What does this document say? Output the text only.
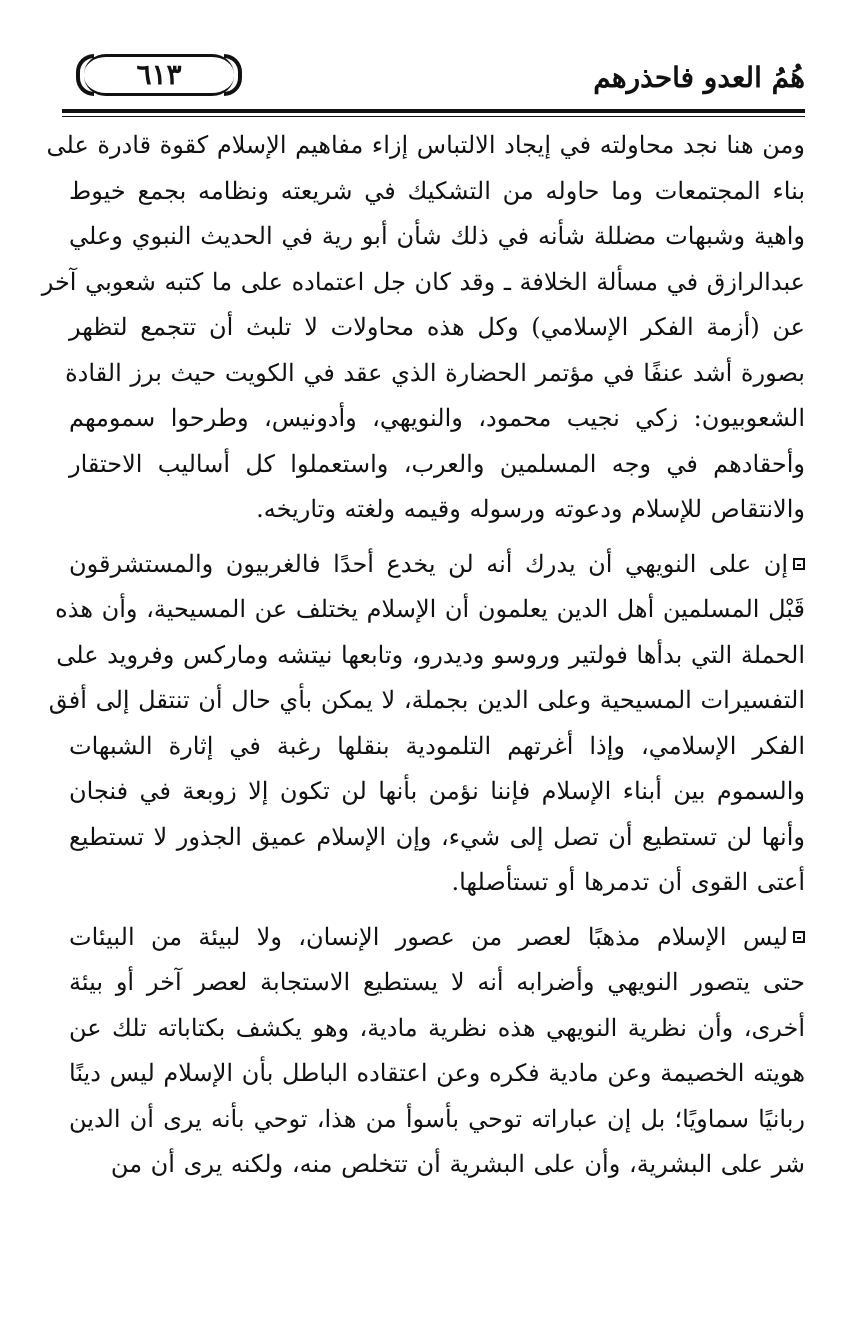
هُمُ العدو فاحذرهم
٦١٣

ومن هنا نجد محاولته في إيجاد الالتباس إزاء مفاهيم الإسلام كقوة قادرة على
بناء المجتمعات وما حاوله من التشكيك في شريعته ونظامه بجمع خيوط
واهية وشبهات مضللة شأنه في ذلك شأن أبو رية في الحديث النبوي وعلي
عبدالرازق في مسألة الخلافة ـ وقد كان جل اعتماده على ما كتبه شعوبي آخر
عن (أزمة الفكر الإسلامي) وكل هذه محاولات لا تلبث أن تتجمع لتظهر
بصورة أشد عنفًا في مؤتمر الحضارة الذي عقد في الكويت حيث برز القادة
الشعوبيون: زكي نجيب محمود، والنويهي، وأدونيس، وطرحوا سمومهم
وأحقادهم في وجه المسلمين والعرب، واستعملوا كل أساليب الاحتقار
والانتقاص للإسلام ودعوته ورسوله وقيمه ولغته وتاريخه.

إن على النويهي أن يدرك أنه لن يخدع أحدًا فالغربيون والمستشرقون
قَبْل المسلمين أهل الدين يعلمون أن الإسلام يختلف عن المسيحية، وأن هذه
الحملة التي بدأها فولتير وروسو وديدرو، وتابعها نيتشه وماركس وفرويد على
التفسيرات المسيحية وعلى الدين بجملة، لا يمكن بأي حال أن تنتقل إلى أفق
الفكر الإسلامي، وإذا أغرتهم التلمودية بنقلها رغبة في إثارة الشبهات
والسموم بين أبناء الإسلام فإننا نؤمن بأنها لن تكون إلا زوبعة في فنجان
وأنها لن تستطيع أن تصل إلى شيء، وإن الإسلام عميق الجذور لا تستطيع
أعتى القوى أن تدمرها أو تستأصلها.

ليس الإسلام مذهبًا لعصر من عصور الإنسان، ولا لبيئة من البيئات
حتى يتصور النويهي وأضرابه أنه لا يستطيع الاستجابة لعصر آخر أو بيئة
أخرى، وأن نظرية النويهي هذه نظرية مادية، وهو يكشف بكتاباته تلك عن
هويته الخصيمة وعن مادية فكره وعن اعتقاده الباطل بأن الإسلام ليس دينًا
ربانيًا سماويًا؛ بل إن عباراته توحي بأسوأ من هذا، توحي بأنه يرى أن الدين
شر على البشرية، وأن على البشرية أن تتخلص منه، ولكنه يرى أن من
